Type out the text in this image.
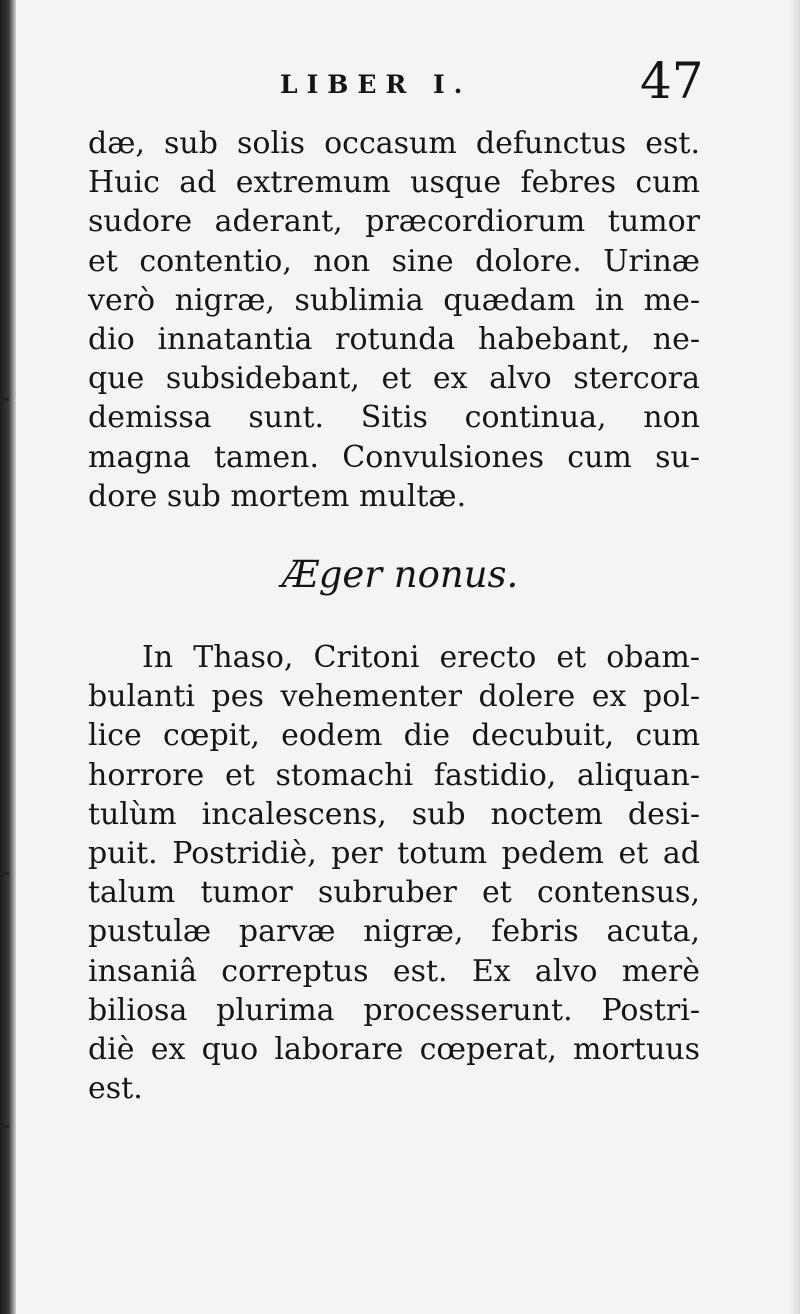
LIBER I.	47
dæ, sub solis occasum defunctus est.
Huic ad extremum usque febres cum
sudore aderant, præcordiorum tumor
et contentio, non sine dolore. Urinæ
verò nigræ, sublimia quædam in me-
dio innatantia rotunda habebant, ne-
que subsidebant, et ex alvo stercora
demissa sunt. Sitis continua, non
magna tamen. Convulsiones cum su-
dore sub mortem multæ.
Æger nonus.
In Thaso, Critoni erecto et obam-
bulanti pes vehementer dolere ex pol-
lice cœpit, eodem die decubuit, cum
horrore et stomachi fastidio, aliquan-
tulùm incalescens, sub noctem desi-
puit. Postridiè, per totum pedem et ad
talum tumor subruber et contensus,
pustulæ parvæ nigræ, febris acuta,
insaniâ correptus est. Ex alvo merè
biliosa plurima processerunt. Postri-
diè ex quo laborare cœperat, mortuus
est.
